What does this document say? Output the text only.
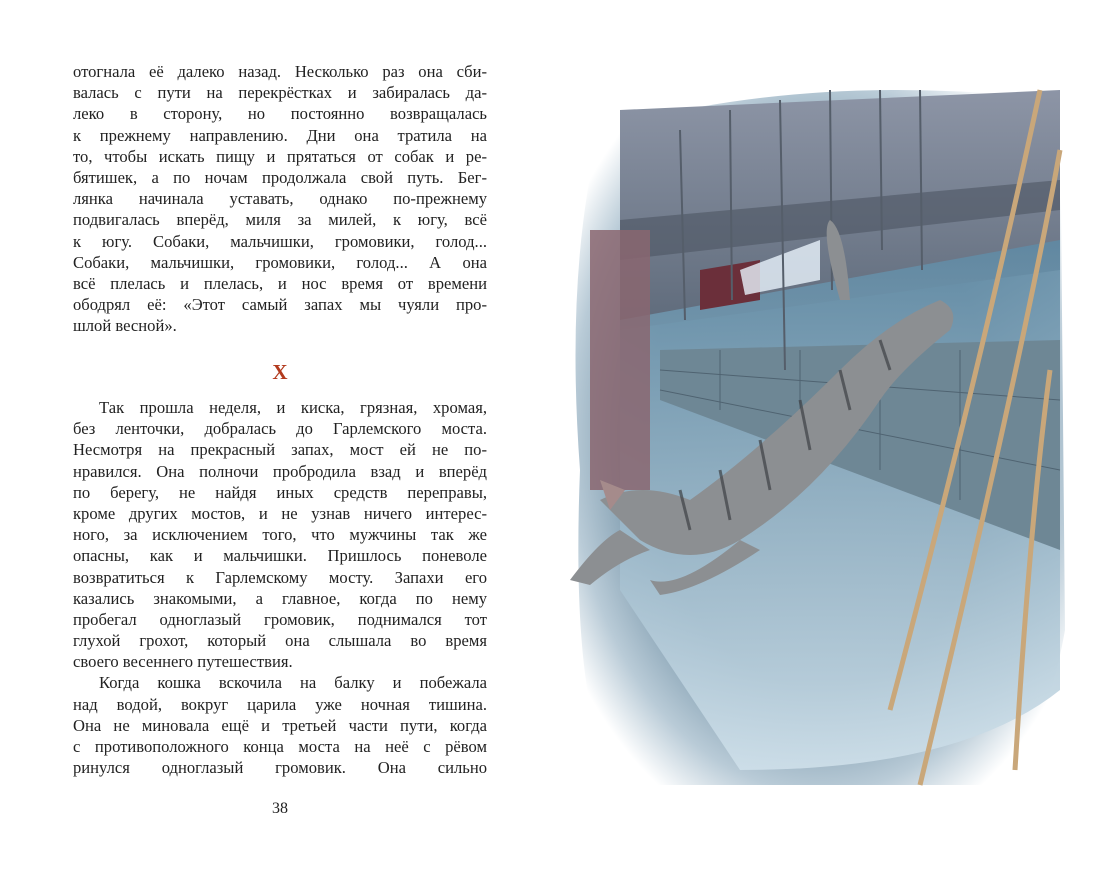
отогнала её далеко назад. Несколько раз она сби-
валась с пути на перекрёстках и забиралась да-
леко в сторону, но постоянно возвращалась
к прежнему направлению. Дни она тратила на
то, чтобы искать пищу и прятаться от собак и ре-
бятишек, а по ночам продолжала свой путь. Бег-
лянка начинала уставать, однако по-прежнему
подвигалась вперёд, миля за милей, к югу, всё
к югу. Собаки, мальчишки, громовики, голод...
Собаки, мальчишки, громовики, голод... А она
всё плелась и плелась, и нос время от времени
ободрял её: «Этот самый запах мы чуяли про-
шлой весной».
X
Так прошла неделя, и киска, грязная, хромая,
без ленточки, добралась до Гарлемского моста.
Несмотря на прекрасный запах, мост ей не по-
нравился. Она полночи пробродила взад и вперёд
по берегу, не найдя иных средств переправы,
кроме других мостов, и не узнав ничего интерес-
ного, за исключением того, что мужчины так же
опасны, как и мальчишки. Пришлось поневоле
возвратиться к Гарлемскому мосту. Запахи его
казались знакомыми, а главное, когда по нему
пробегал одноглазый громовик, поднимался тот
глухой грохот, который она слышала во время
своего весеннего путешествия.
Когда кошка вскочила на балку и побежала
над водой, вокруг царила уже ночная тишина.
Она не миновала ещё и третьей части пути, когда
с противоположного конца моста на неё с рёвом
ринулся одноглазый громовик. Она сильно
38
